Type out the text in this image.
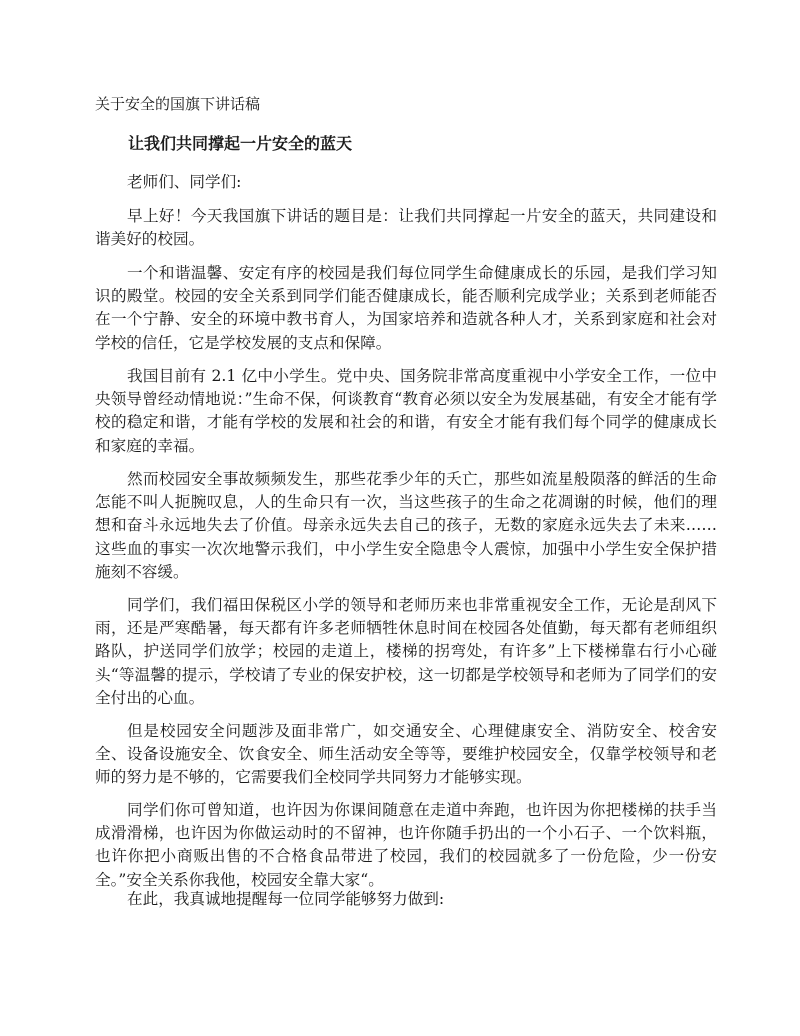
关于安全的国旗下讲话稿
让我们共同撑起一片安全的蓝天

老师们、同学们:

早上好！今天我国旗下讲话的题目是：让我们共同撑起一片安全的蓝天，共同建设和谐美好的校园。

一个和谐温馨、安定有序的校园是我们每位同学生命健康成长的乐园，是我们学习知识的殿堂。校园的安全关系到同学们能否健康成长，能否顺利完成学业；关系到老师能否在一个宁静、安全的环境中教书育人，为国家培养和造就各种人才，关系到家庭和社会对学校的信任，它是学校发展的支点和保障。

我国目前有 2.1 亿中小学生。党中央、国务院非常高度重视中小学安全工作，一位中央领导曾经动情地说：”生命不保，何谈教育“教育必须以安全为发展基础，有安全才能有学校的稳定和谐，才能有学校的发展和社会的和谐，有安全才能有我们每个同学的健康成长和家庭的幸福。

然而校园安全事故频频发生，那些花季少年的夭亡，那些如流星般陨落的鲜活的生命怎能不叫人扼腕叹息，人的生命只有一次，当这些孩子的生命之花凋谢的时候，他们的理想和奋斗永远地失去了价值。母亲永远失去自己的孩子，无数的家庭永远失去了未来……这些血的事实一次次地警示我们，中小学生安全隐患令人震惊，加强中小学生安全保护措施刻不容缓。

同学们，我们福田保税区小学的领导和老师历来也非常重视安全工作，无论是刮风下雨，还是严寒酷暑，每天都有许多老师牺牲休息时间在校园各处值勤，每天都有老师组织路队，护送同学们放学；校园的走道上，楼梯的拐弯处，有许多”上下楼梯靠右行小心碰头“等温馨的提示，学校请了专业的保安护校，这一切都是学校领导和老师为了同学们的安全付出的心血。

但是校园安全问题涉及面非常广，如交通安全、心理健康安全、消防安全、校舍安全、设备设施安全、饮食安全、师生活动安全等等，要维护校园安全，仅靠学校领导和老师的努力是不够的，它需要我们全校同学共同努力才能够实现。

同学们你可曾知道，也许因为你课间随意在走道中奔跑，也许因为你把楼梯的扶手当成滑滑梯，也许因为你做运动时的不留神，也许你随手扔出的一个小石子、一个饮料瓶，也许你把小商贩出售的不合格食品带进了校园，我们的校园就多了一份危险，少一份安全。”安全关系你我他，校园安全靠大家“。

在此，我真诚地提醒每一位同学能够努力做到:
